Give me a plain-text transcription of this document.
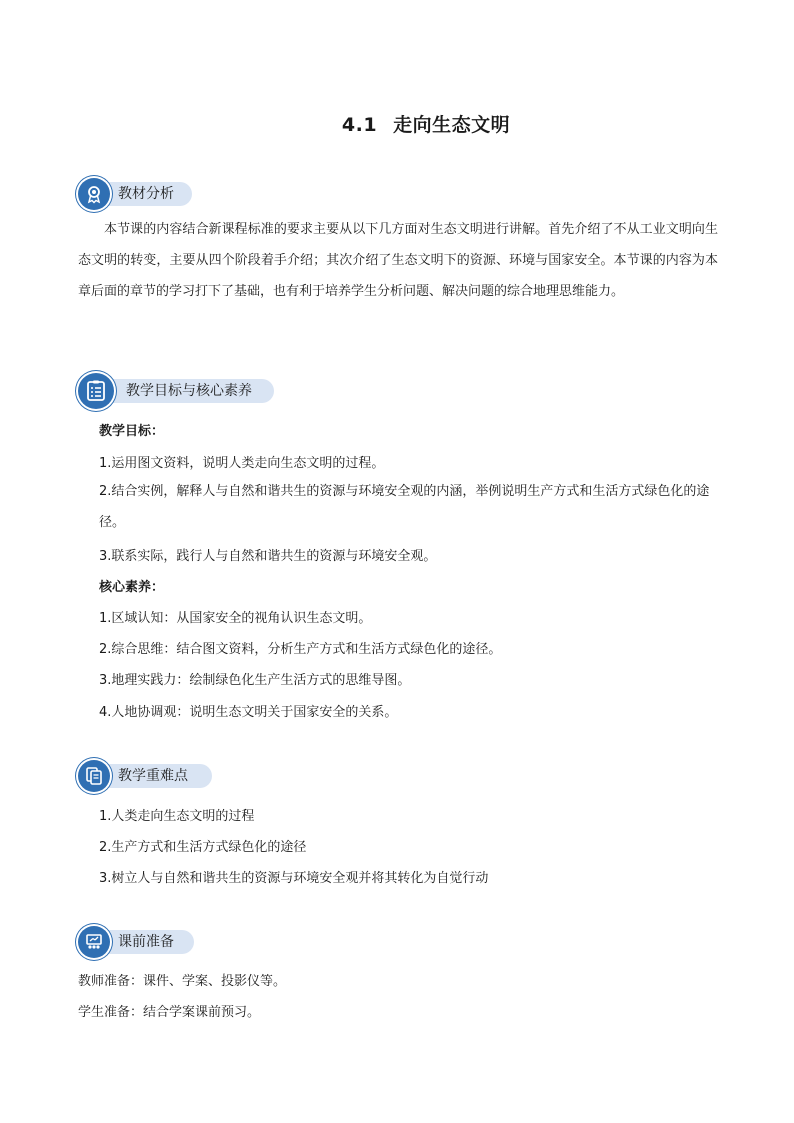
4.1 走向生态文明
教材分析
本节课的内容结合新课程标准的要求主要从以下几方面对生态文明进行讲解。首先介绍了不从工业文明向生态文明的转变，主要从四个阶段着手介绍；其次介绍了生态文明下的资源、环境与国家安全。本节课的内容为本章后面的章节的学习打下了基础，也有利于培养学生分析问题、解决问题的综合地理思维能力。
教学目标与核心素养
教学目标：
1.运用图文资料，说明人类走向生态文明的过程。
2.结合实例，解释人与自然和谐共生的资源与环境安全观的内涵，举例说明生产方式和生活方式绿色化的途径。
3.联系实际，践行人与自然和谐共生的资源与环境安全观。
核心素养：
1.区域认知：从国家安全的视角认识生态文明。
2.综合思维：结合图文资料，分析生产方式和生活方式绿色化的途径。
3.地理实践力：绘制绿色化生产生活方式的思维导图。
4.人地协调观：说明生态文明关于国家安全的关系。
教学重难点
1.人类走向生态文明的过程
2.生产方式和生活方式绿色化的途径
3.树立人与自然和谐共生的资源与环境安全观并将其转化为自觉行动
课前准备
教师准备：课件、学案、投影仪等。
学生准备：结合学案课前预习。
